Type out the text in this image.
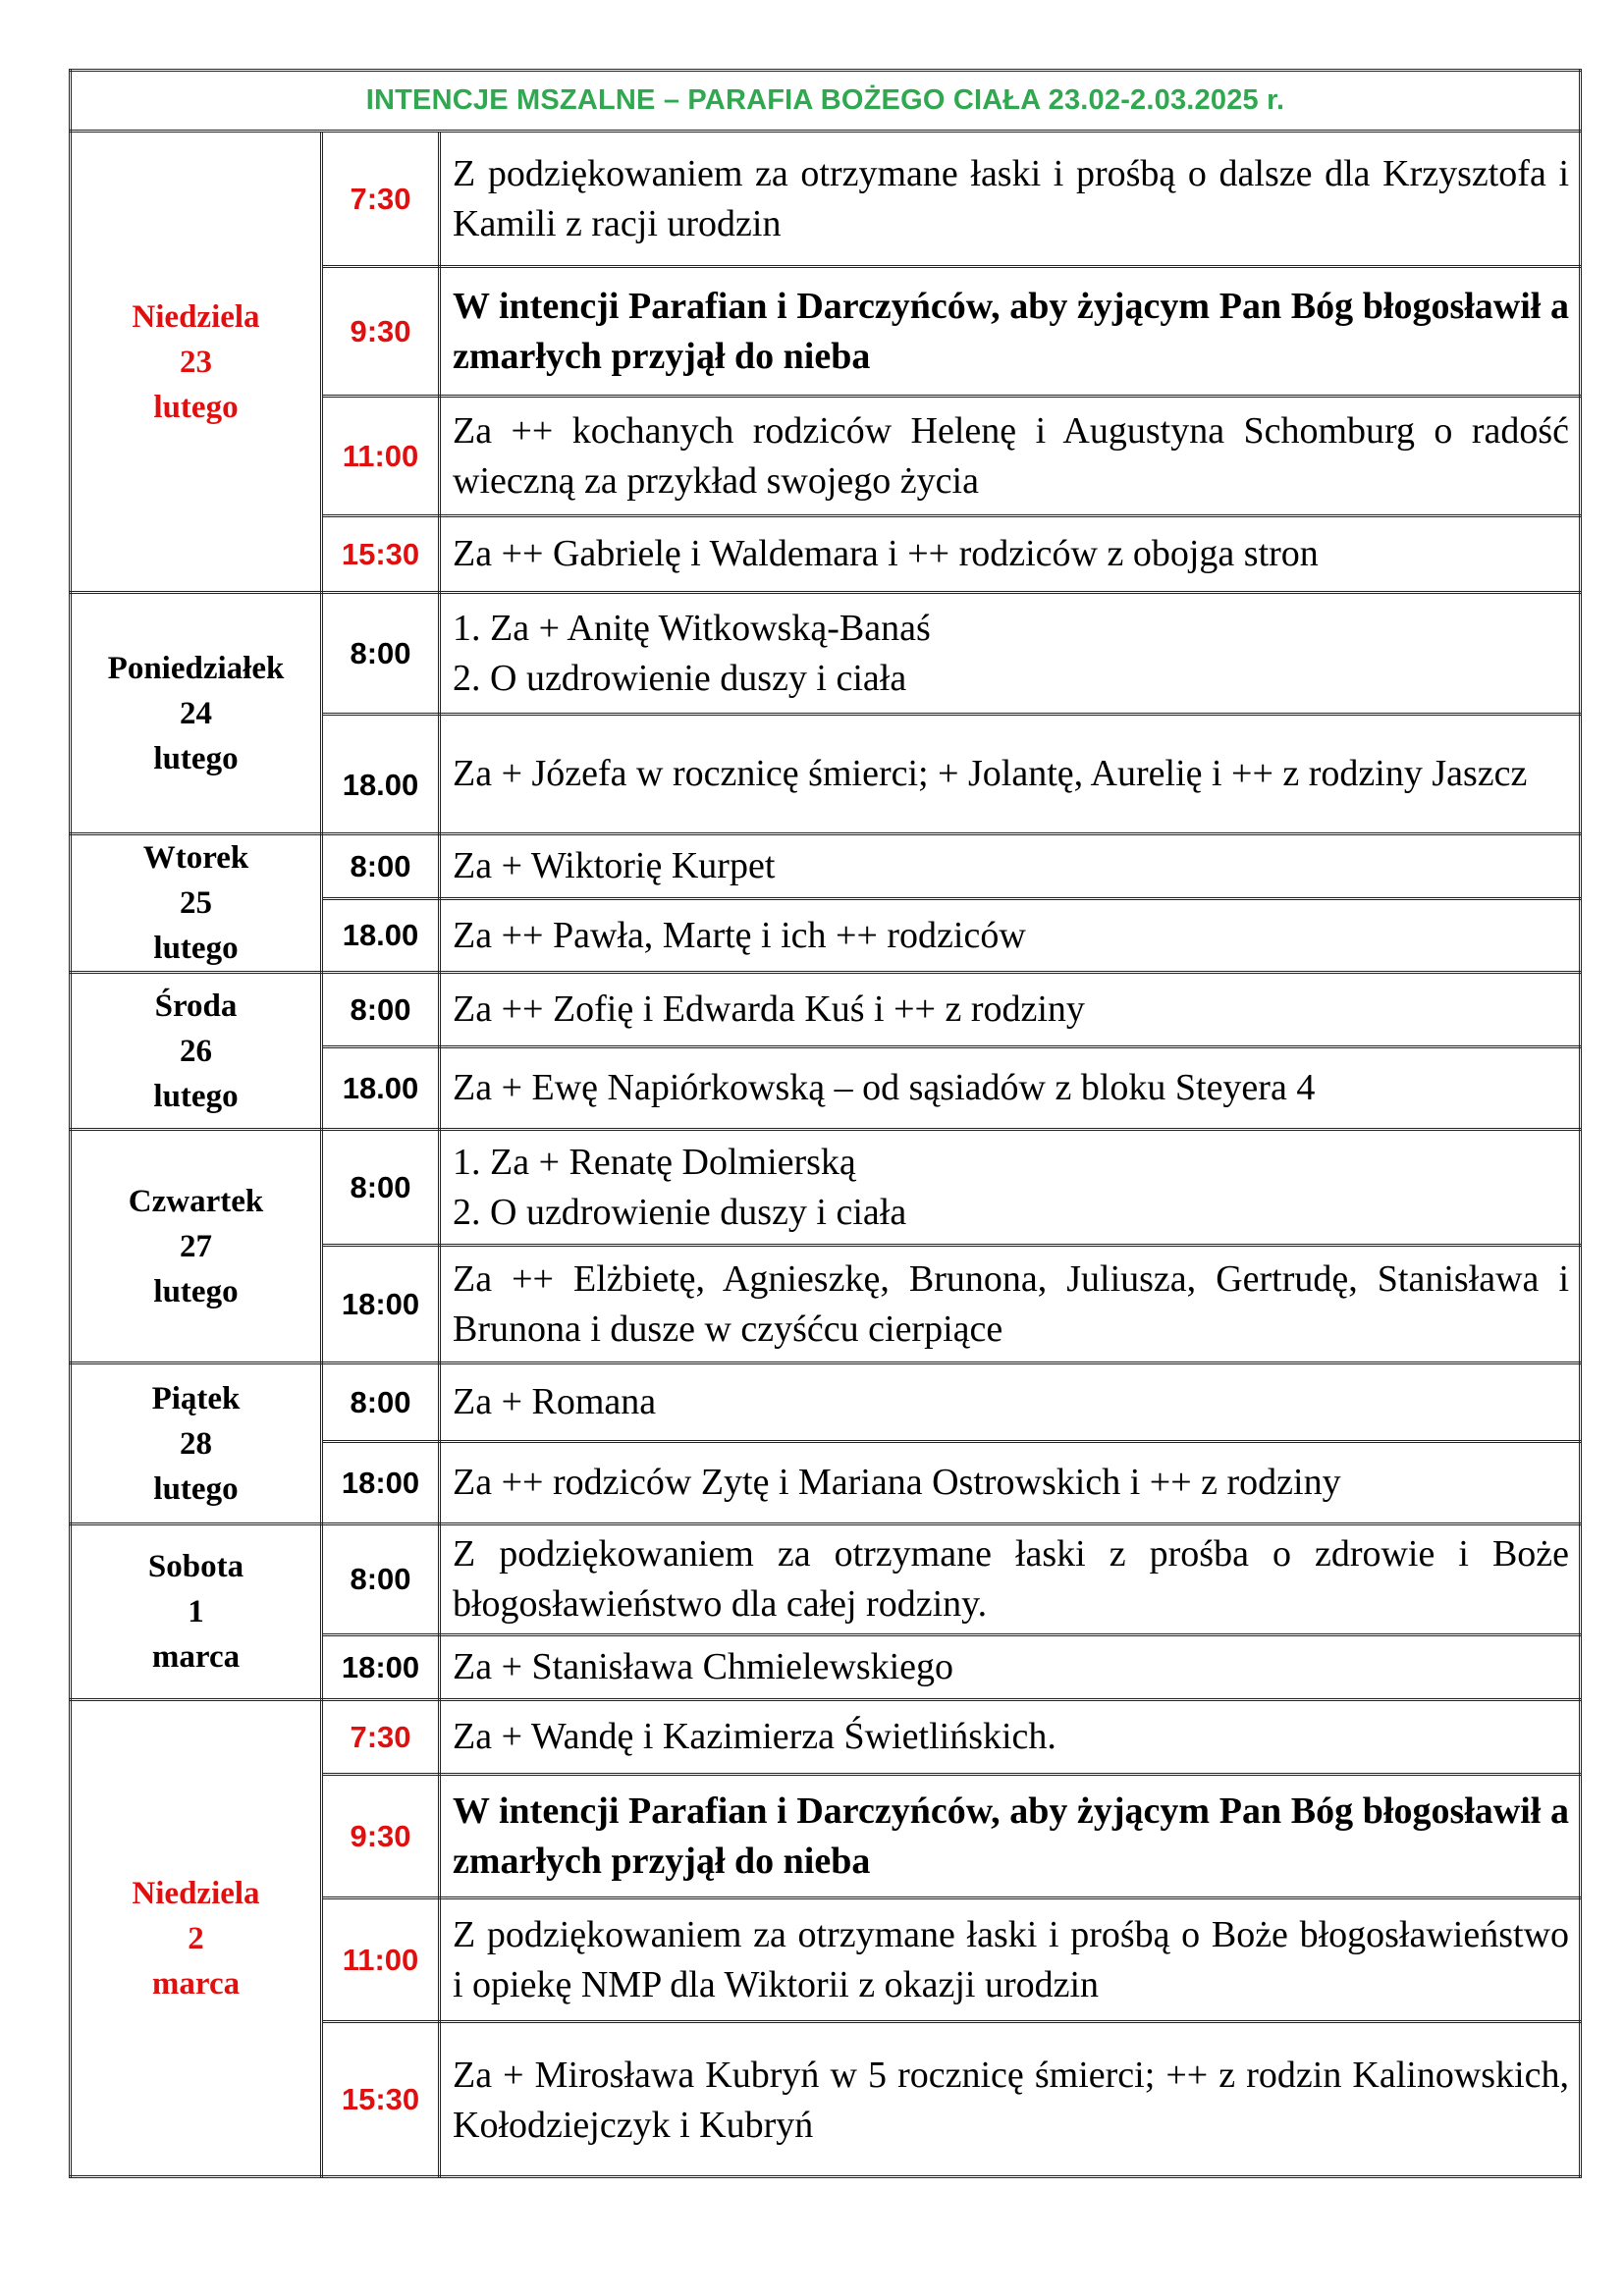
INTENCJE MSZALNE – PARAFIA BOŻEGO CIAŁA 23.02-2.03.2025 r.		

Niedziela
23
lutego	7:30	Z podziękowaniem za otrzymane łaski i prośbą o dalsze dla Krzysztofa i Kamili z racji urodzin
	9:30	W intencji Parafian i Darczyńców, aby żyjącym Pan Bóg błogosławił a zmarłych przyjął do nieba
	11:00	Za ++ kochanych rodziców Helenę i Augustyna Schomburg o radość wieczną za przykład swojego życia
	15:30	Za ++ Gabrielę i Waldemara i ++ rodziców z obojga stron

Poniedziałek
24
lutego	8:00	1. Za + Anitę Witkowską-Banaś
2. O uzdrowienie duszy i ciała

	18.00	Za + Józefa w rocznicę śmierci; + Jolantę, Aurelię i ++ z rodziny Jaszcz

Wtorek
25
lutego	8:00	Za + Wiktorię Kurpet
	18.00	Za ++ Pawła, Martę i ich ++ rodziców

Środa
26
lutego	8:00	Za ++ Zofię i Edwarda Kuś i ++ z rodziny
	18.00	Za + Ewę Napiórkowską – od sąsiadów z bloku Steyera 4

Czwartek
27
lutego	8:00	1. Za + Renatę Dolmierską
2. O uzdrowienie duszy i ciała

	18:00	Za ++ Elżbietę, Agnieszkę, Brunona, Juliusza, Gertrudę, Stanisława i Brunona i dusze w czyśćcu cierpiące

Piątek
28
lutego	8:00	Za + Romana
	18:00	Za ++ rodziców Zytę i Mariana Ostrowskich i ++ z rodziny

Sobota
1
marca	8:00	Z podziękowaniem za otrzymane łaski z prośba o zdrowie i Boże błogosławieństwo dla całej rodziny.
	18:00	Za + Stanisława Chmielewskiego

Niedziela
2
marca	7:30	Za + Wandę i Kazimierza Świetlińskich.
	9:30	W intencji Parafian i Darczyńców, aby żyjącym Pan Bóg błogosławił a zmarłych przyjął do nieba
	11:00	Z podziękowaniem za otrzymane łaski i prośbą o Boże błogosławieństwo i opiekę NMP dla Wiktorii z okazji urodzin
	15:30	Za + Mirosława Kubryń w 5 rocznicę śmierci; ++ z rodzin Kalinowskich, Kołodziejczyk i Kubryń
